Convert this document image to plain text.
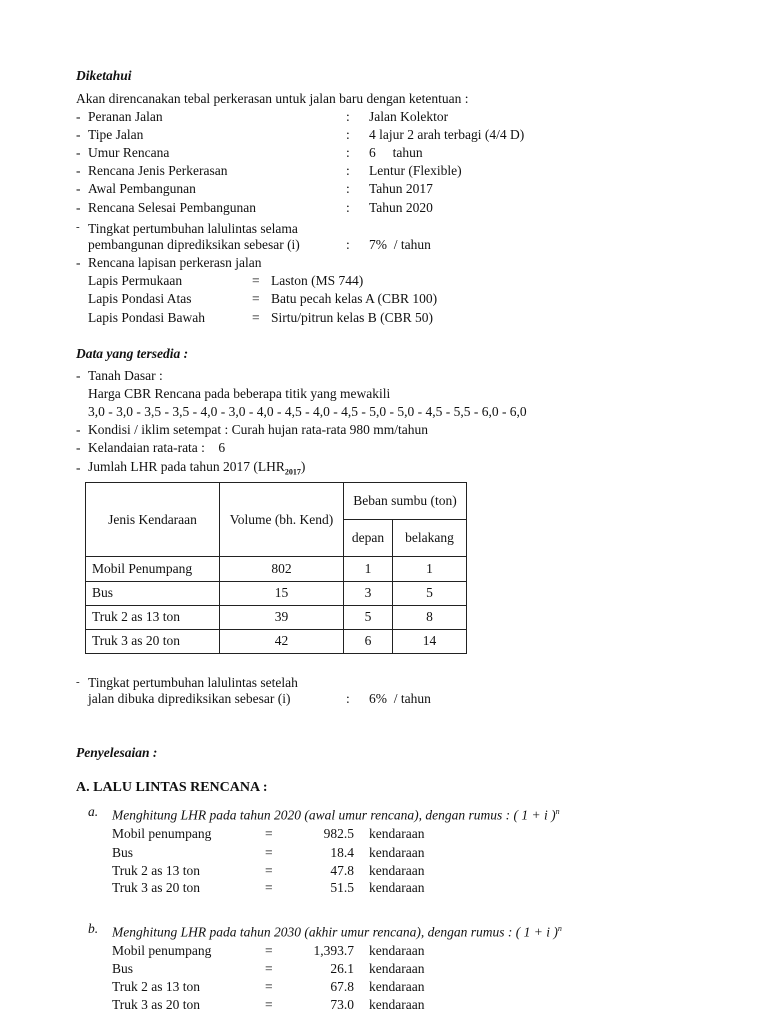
Diketahui
Akan direncanakan tebal perkerasan untuk jalan baru dengan ketentuan :
- Peranan Jalan	: Jalan Kolektor
- Tipe Jalan	: 4 lajur 2 arah terbagi (4/4 D)
- Umur Rencana	: 6     tahun
- Rencana Jenis Perkerasan	: Lentur (Flexible)
- Awal Pembangunan	: Tahun 2017
- Rencana Selesai Pembangunan	: Tahun 2020
- Tingkat pertumbuhan lalulintas selama
pembangunan diprediksikan sebesar (i)	: 7%  / tahun
- Rencana lapisan perkerasn jalan
Lapis Permukaan	= Laston (MS 744)
Lapis Pondasi Atas	= Batu pecah kelas A (CBR 100)
Lapis Pondasi Bawah	= Sirtu/pitrun kelas B (CBR 50)
Data yang tersedia :
- Tanah Dasar :
Harga CBR Rencana pada beberapa titik yang mewakili
3,0 - 3,0 - 3,5 - 3,5 - 4,0 - 3,0 - 4,0 - 4,5 - 4,0 - 4,5 - 5,0 - 5,0 - 4,5 - 5,5 - 6,0 - 6,0
- Kondisi / iklim setempat : Curah hujan rata-rata 980 mm/tahun
- Kelandaian rata-rata :    6
- Jumlah LHR pada tahun 2017 $(LHR_{2017})$
Jenis Kendaraan	Volume (bh. Kend)	Beban sumbu (ton)	
		depan	belakang
Mobil Penumpang	802	1	1
Bus	15	3	5
Truk 2 as 13 ton	39	5	8
Truk 3 as 20 ton	42	6	14
- Tingkat pertumbuhan lalulintas setelah
jalan dibuka diprediksikan sebesar (i)	: 6%  / tahun
Penyelesaian :
A. LALU LINTAS RENCANA :
a. Menghitung LHR pada tahun 2020 (awal umur rencana), dengan rumus : ( 1 + i )$^n$
Mobil penumpang	=	982.5 kendaraan
Bus	=	18.4 kendaraan
Truk 2 as 13 ton	=	47.8 kendaraan
Truk 3 as 20 ton	=	51.5 kendaraan
b. Menghitung LHR pada tahun 2030 (akhir umur rencana), dengan rumus : ( 1 + i )$^n$
Mobil penumpang	=	1,393.7 kendaraan
Bus	=	26.1 kendaraan
Truk 2 as 13 ton	=	67.8 kendaraan
Truk 3 as 20 ton	=	73.0 kendaraan
